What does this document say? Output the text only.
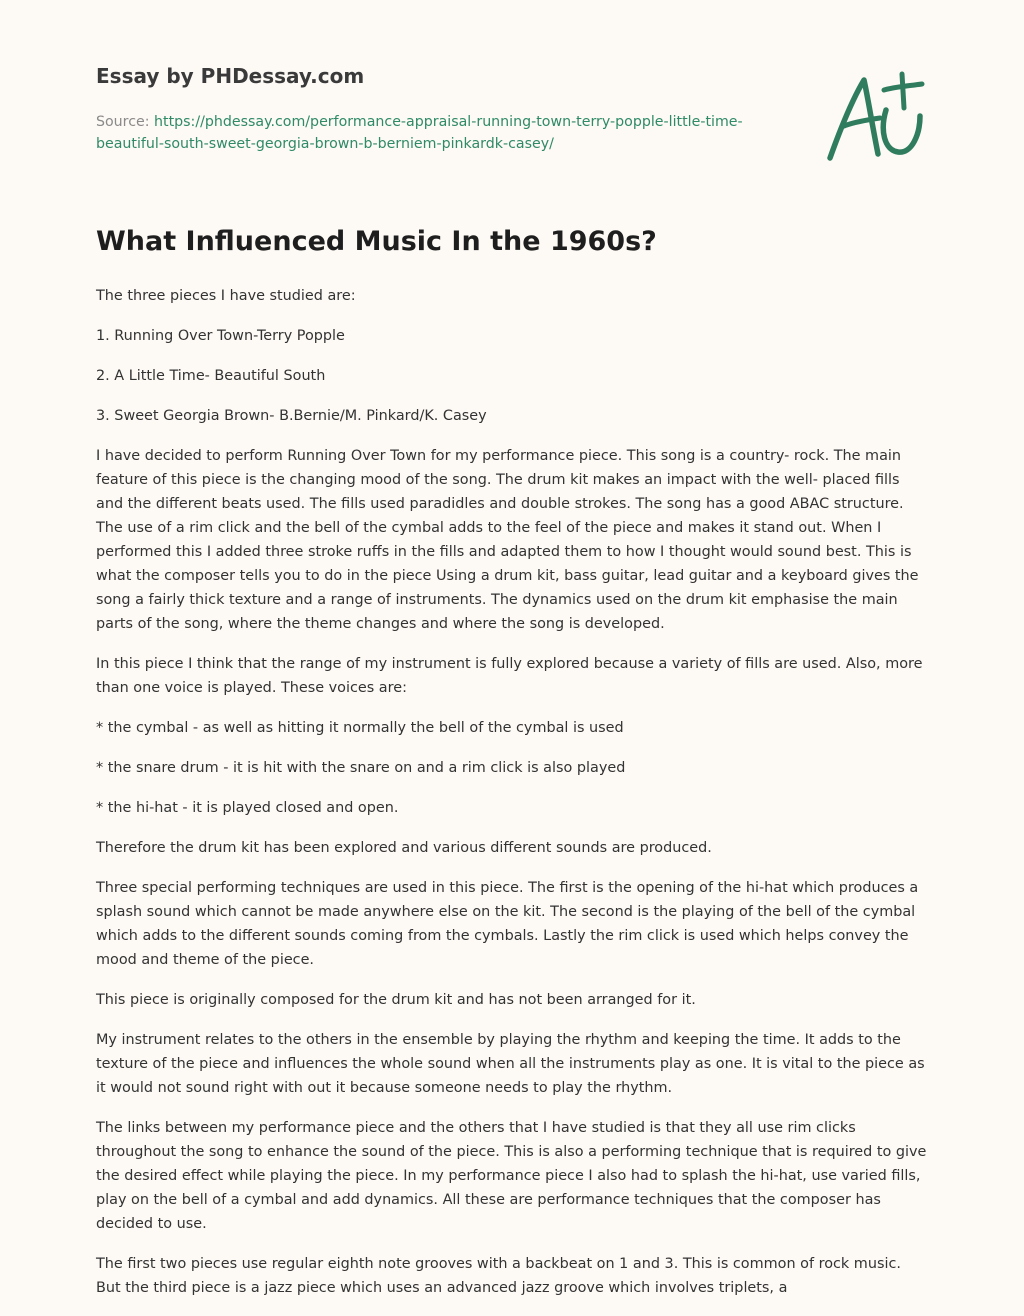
Essay by PHDessay.com
Source: https://phdessay.com/performance-appraisal-running-town-terry-popple-little-time-beautiful-south-sweet-georgia-brown-b-berniem-pinkardk-casey/
What Influenced Music In the 1960s?

The three pieces I have studied are:

1. Running Over Town-Terry Popple

2. A Little Time- Beautiful South

3. Sweet Georgia Brown- B.Bernie/M. Pinkard/K. Casey

I have decided to perform Running Over Town for my performance piece. This song is a country- rock. The main feature of this piece is the changing mood of the song. The drum kit makes an impact with the well- placed fills and the different beats used. The fills used paradidles and double strokes. The song has a good ABAC structure. The use of a rim click and the bell of the cymbal adds to the feel of the piece and makes it stand out. When I performed this I added three stroke ruffs in the fills and adapted them to how I thought would sound best. This is what the composer tells you to do in the piece Using a drum kit, bass guitar, lead guitar and a keyboard gives the song a fairly thick texture and a range of instruments. The dynamics used on the drum kit emphasise the main parts of the song, where the theme changes and where the song is developed.

In this piece I think that the range of my instrument is fully explored because a variety of fills are used. Also, more than one voice is played. These voices are:

* the cymbal - as well as hitting it normally the bell of the cymbal is used

* the snare drum - it is hit with the snare on and a rim click is also played

* the hi-hat - it is played closed and open.

Therefore the drum kit has been explored and various different sounds are produced.

Three special performing techniques are used in this piece. The first is the opening of the hi-hat which produces a splash sound which cannot be made anywhere else on the kit. The second is the playing of the bell of the cymbal which adds to the different sounds coming from the cymbals. Lastly the rim click is used which helps convey the mood and theme of the piece.

This piece is originally composed for the drum kit and has not been arranged for it.

My instrument relates to the others in the ensemble by playing the rhythm and keeping the time. It adds to the texture of the piece and influences the whole sound when all the instruments play as one. It is vital to the piece as it would not sound right with out it because someone needs to play the rhythm.

The links between my performance piece and the others that I have studied is that they all use rim clicks throughout the song to enhance the sound of the piece. This is also a performing technique that is required to give the desired effect while playing the piece. In my performance piece I also had to splash the hi-hat, use varied fills, play on the bell of a cymbal and add dynamics. All these are performance techniques that the composer has decided to use.

The first two pieces use regular eighth note grooves with a backbeat on 1 and 3. This is common of rock music. But the third piece is a jazz piece which uses an advanced jazz groove which involves triplets, a
